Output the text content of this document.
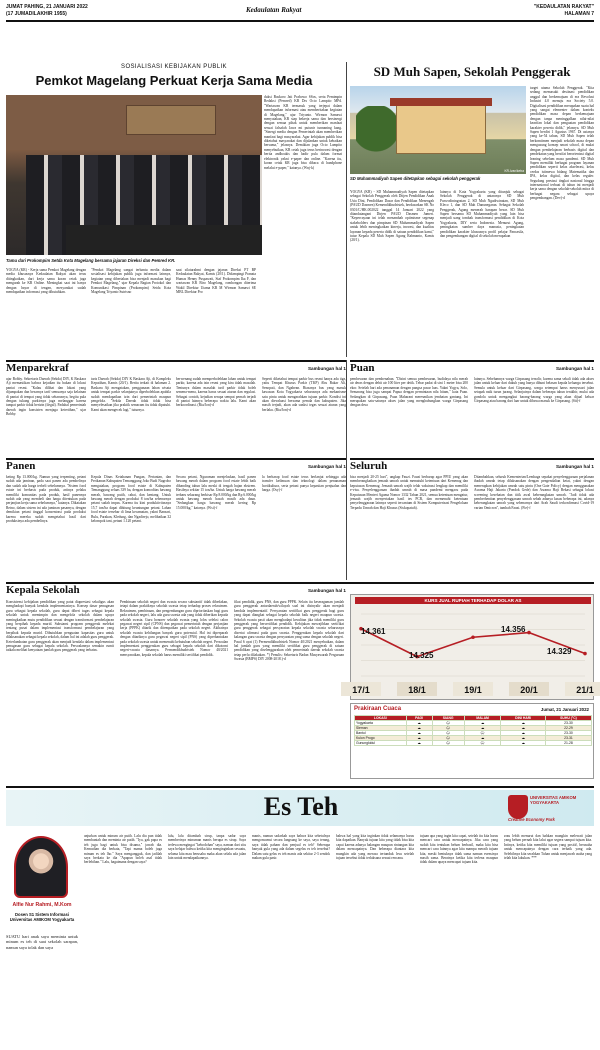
JUMAT PAHING, 21 JANUARI 2022
(17 JUMADILAKHIR 1955)	Kedaulatan Rakyat	"KEDAULATAN RAKYAT"
HALAMAN 7
SOSIALISASI KEBIJAKAN PUBLIK
Pemkot Magelang Perkuat Kerja Sama Media
Tamu dari Prokompim Setda Kota Magelang bersama jajaran Direksi dan Pemred KR.
YOGYA (KR) - Kerja sama Pemkot Magelang dengan media khususnya Kedaulatan Rakyat akan terus ditingkatkan, dari kerja sama koran cetak juga mengarah ke KR Online. Meningkat saat ini hanya dengan hayar di tengan, mesyarakat sudah mendapatkan informasi yang dibutuhkan.
"Pemkot Magelang sangat terbantu media dalam sosialisasi kebijakan publik juga informasi lainnya, kegiatan yang dibertakan bisa menjadi masukan bagi Pemkot Magelang," ujar Kepala Bagian Protokol dan Komunikasi Pimpinan (Prokompim) Setda Kota Magelang Triyanto Sutrisno
saat silaturahmi dengan jajaran Direksi PT BP Kedaulatan Rakyat, Kamis (20/1). Didampingi Pranata Humas Henny Puspawati, Staf Prokompim Ika F, dan wartawan KR Biro Magelang, rombongan diterima Wakil Direktur Utama KR M Wirmon Samawi SE MBL Direktur Pro
duksi Baskoro Jati Prabowo SSos, serta Pemimpin Redaksi (Pemred) KR Drs Octo Lampito MPd. "Wartawan KR termasuk yang terjepat dalam mendapatkan informasi atau memberitakan kegiatan di Magelang," ujar Triyanto. Wirmon Samawi menyatakan, KR siap bekerja sama dan bersinergi dengan semua pihak untuk memberikan manfaat sesuai falsafah Jawa mi putunir tunnaning kang. "Sinergi media dengan Pemerintah akan memberikan manfaat bagi masyarakat. Agar kebijakan publik bisa diketahui masyarakat dan dijalankan untuk kebaikan bersama," jelasnya. Demikian juga Octo Lampito menyebutkan, KR cetak juga terus berinovasi dengan berita andhoakis dan hadir pula dalam format elektronik yakni e-paper dan online. "Karena itu, koran cetak KR juga bisa dibaca di handphone melalui e-paper," katanya. (Wnj-k)
SD Muh Sapen, Sekolah Penggerak
KR-Ivan/ketra
SD Muhammadiyah Sapen ditetapkan sebagai sekolah penggerak
YOGYA (KR) - SD Muhammadiyah Sapen ditetapkan sebagai Sekolah Penggerak oleh Ditjen Pendidikan Anak Usia Dini, Pendidikan Dasar dan Pendidikan Menengah (PAUD Dasmen) Kemendikbudristek, berdasarkan SK No 0301/C/HK.002022 tanggal 14 Januari 2022 yang ditandatangani Dirjen PAUD Dasmen Jumeri. "Kepercayaan ini telah menambah optimisme segenap stakeholders dan pimpinan SD Muhammadiyah Sapen untuk lebih meningkatkan kinerja, inovasi, dan kualitas layanan kepada peserta didik di satuan pendidikan kami," tutur Kepala SD Muh Sapen Agung Rahmanto, Kamis (20/1).
lainnya di Kota Yogyakarta yang ditunjuk sebagai Sekolah Penggerak di antaranya SD Muh Purwodiningratan 2, SD Muh Ngadiwinatan, SD Muh Kleco 1, dan SD Muh Danunegaran. Sebagai Sekolah Penggerak, Agung menerah harapan besar. SD Muh Sapen bersama SD Muhammadiyah yang lain bisa menjadi uang tombak transformasi pendidikan di Kota Yogyakarta, DIY serta Indonesia. Menurut Agung, peningkatan sumber daya manusia, peningkatan pendidikan karakter khususnya profil pelajar Pancasila, dan pengembangan digital di sekolah merupakan
target utama Sekolah Penggerak. "Kita sedang memasuki destinasi pendidikan unggul dan berkemajuan di era Revolusi Industri 4.0 menuju era Society 5.0. Digitalisasi pendidikan merupakan suatu hal yang sangat elementer dalam konteks pendidikan masa depan berkemajuan dengan tanpa meninggalkan nilai-nilai kearifan lokal dan penguatan pendidikan karakter peserta didik," jelasnya. SD Muh Sapen berdiri 1 Agustus 1967. Di usianya yang ke-54 tahun, SD Muh Sapen telah berkomitmen menjadi sekolah masa depan mengusung konsep smart school, di mulai dengan pembelajaran berbasis digital dan pendekatan yang bersifat berorientasi digital leaning sebelum masa pandemi. SD Muh Sapen memiliki berbagai program layanan pendidikan seperti kelas akselerasi, kelas cerdas istimewa bidang Matematika dan IPA, kelas digital, dan kelas reguler. Segudang prestasi tingkat nasional hingga internasional terbuai di tahun ini menjadi kerja sama dengan sekolah-sekolah mitra di berbagai negara sebagai upaya pengembangan. (Dev)-d
Menparekraf	Sambungan hal 1
ujar Bobby. Sekretaris Daerah (Sekda) DIY, K Baskara Aji memastikan bahwa kejadian itu bukan di lokasi pantai resmi. "Kalau dilihat dan lokasi yang dijumpakan dan besarnya tarif semuanya saja kelainan di pantai di tempat yang tidak seharusnya, begitu pula dengan tukang parkirnya juga melanggar karena tampat parkir tidak berizin (ilegal). Padahal pemerintah daerah ingin konsisten menjaga ketertiban," ujar Bobby.
taris Daerah (Sekda) DIY K Baskara Aji, di Kompleks Kepatihan, Kamis (20/1). Berita terkait di halaman 2. Baskara Aji mengatakan, penggunaan lahan wisata untuk tempat parkir selanjutnya diperbolehkan apabila sudah mendapatkan izin dari pemerintah maupun pengelola. "Sekda Daerah tidak tidak bisa menyelesaikan jika praktik semacam itu tidak dipatuhi. Kami akan mengecek lagi," tuturnya.
berwenang sudah memperbolehkan lahan untuk tempat parkir, karena ada izin resmi yang kira tidak masalah. Tentunya dalam masalah tarif parkir tidak boleh semena-mena, karena harus sesuai aturan dan regulasi. Sebagai contoh, kejadian serupa sempat pernah terjadi di pantai lainnya beberapa waktu lalu. Kami akan berkoordinasi. (Ria/Jon)-d
Seperti diketahui tempat parkir bus resmi hanya ada tiga, yaitu Tempat Khusus Parkir (TKP) Abu Bakar Ali, Senopati, dan Ngabean. Biasanya bus yang masuk kawasan Kota Yogyakarta seharusnya ada mekanisme satu pintu untuk mengarahkan tujuan parkir. Kondisi ini akan dievaluasi bersama pemda dan kabupaten. Jika masih terjadi, akan ada sanksi tegas sesuai aturan yang berlaku. (Ria/Jon)-d
Panen	Sambungan hal 1
keting Rp 13.000/kg. Namun yang terpenting, petani sudah ada jaminan, pada saat panen ada pembelinya dan sudah ada harga terbeli sebelumnya. "Sistem food estate ini berbasis pada produk, artinya pelaku memiliki komunitas pada produk, hasil panennya sudah ada yang membeli dan harga ditentukan pada perjanjian kerja sama sebelumnya," katanya. Dikatakan Retno, dalam sistem ini ada jaminan pasarnya, dengan demikian petani tinggal konsentrasi pada produksi karena mereka sudah mengetahui hasil dari produksinya ada pembelinya.
Kepala Dinas Ketahanan Pangan, Pertanian, dan Perikanan Kabupaten Temanggung Joko Budi Nugroho mengatakan, program food estate di Kabupaten Temanggung seluas 339 ha, dengan komoditas bawang merah, bawang putih, cabai, dan kentang. Untuk bawang merah dengan produksi 8 ton/ha sebenarnya petani sudah impas. Karena itu kini produktivitasnya 15,7 ton/ha dapat dihitung keuntungan petani. Lahan food estate tersebar di lima kecamatan, yakni Bansari, Bulu, Parakan, Kledung, dan Ngadirejo, melibatkan 32 kelompok tani, petani 1.120 petani.
Secara petani, Nguraman menjelaskan, hasil panen bawang merah dalam program food estate lebih baik dibanding tahun lalu meski di tengah hujan ekstrem. Hasilnya sekitar 15 ton/ha. Untuk harga bawang merah terbaru sekarang berkisar Rp 8.000/kg dan Rp 6.000/kg untuk bawang merah basah masih ada daun. "Sedangkan harga bawang merah kering Rp 15.000/kg," katanya. (Wsi)-f
la berharap food estate terus berlanjut sehingga ada transfer keilmuan dan teknologi dalam penanaman hortikultura, serta petani punya kepastian penjualan dan harga. (Osy)-f
Puan	Sambungan hal 1
pembesaran dan pembenahan. "Disini semua pembesaran, budidaya nila merah air deras dengan debit air 100 liter per detik. Tebar padat di sini 1 meter bisa 200 ekor. Setelah hari ada penanaman dengan pangsa pasar luas. Yakni Yogya, Solo, Semarang bisa juga sampai Papua dengan permintaan nila hitam," kata Puan. Sedangkan di Girpasang, Puan Maharani meresmikan jembatan gantung. Ini merupakan satu-satunya akses jalan yang menghubungkan warga Girpasang dengan desa
lainnya. Sebelumnya warga Girpasang tersolir, karena sama sekali tidak ada akses jalan untuk keluar dari dukuh yang hanya dihuni belasan kepala keluarga tersebut. Semula untuk keluar dari Girpasang, warga setempat harus menyusuri jalan setapak naik turun jurang. Selanjutnya dalam beberapa tahun terakhir, mulai ada gondola untuk mengangkut barang-barang warga yang akan dijual keluar Girpasang atau barang dari luar untuk dibawa masuk ke Girpasang. (Sit)-f
Seluruh	Sambungan hal 1
bisa menjadi 20-25 hari", ungkap Fauzi. Fauzi berharap agar PPIU yang akan memberangkatkan jemaah umrah untuk mematuhi ketentuan dari Kemenag dan keputusan Kemenag. Jemaah umrah wajib telah vaksinasi lengkap dan memiliki e-visa. Penyelenggaraan ibadah umrah di masa pandemi mengacu pada Keputusan Menteri Agama Nomor 1332 Tahun 2021, semua ketentuan mengatur, jemaah wajib menyertakan hasil tes PCR, dan memenuhi ketentuan penyelenggaraan lainnya seperti tercantum di Sistem Komputerisasi Pengelolaan Terpadu Umrah dan Haji Khusus (Siskopatuh).
Ditambahkan, seluruh Kementerian/Lembaga sepakat penyelenggaraan perjalanan ibadah umrah tetap dilaksanakan dengan pengendalian ketat, yakni dengan menerapkan kebijakan umrah satu pintu (One Gate Policy) dengan menggunakan Asrama Haji Jakarta (Pondok Gede) dan Asrama Haji Bekasi sebagai lokasi screening kesehatan dan titik awal keberangkatan umrah. "Jadi tidak ada pemberhentian penyelenggaraan umrah sebab adanya kasus beberapa ini, adanya keberangkatan umrah yang sebenarnya dari Arab Saudi terkonfirmasi Covid-19 varian Omicron", tambah Fauzi. (Fie)-f
Kepala Sekolah	Sambungan hal 1
Konsistensi kebijakan pendidikan yang patut diapresiasi sekaligus akan menghadapi banyak kendala implementasinya. Konsep dasar penugasan guru sebagai kepala sekolah, guru dapat diberi tugas sebagai kepala sekolah untuk memimpin dan mengelola sekolah dalam upaya meningkatkan mutu pendidikan sesuai dengan transformasi pembelajaran yang berpihak kepada murid. Substansi program penggerak melekat tentang pusat dalam implementasi transformasi pembelajaran yang berpihak kepada murid. Dibutuhkan penguatan kapasitas guru untuk dilaksanakan sebagai kepala sekolah, dalam hal ini adalah guru penggerak. Keterlambatan guru penggerak akan menjadi kendala dalam implementasi penugasan guru sebagai kepala sekolah. Persoalannya semakin rumit tatkala melihat kenyataan jumlah guru penggerak yang terbatas.
Pembinaan sekolah negeri dan swasta secara substantif tidak dibedakan, tetapi dalam praktiknya sekolah swasta tetap terhadap proses rekrutmen. Rekrutmen, pembinaan, dan pengembangan guru diprioritaskan bagi guru pada sekolah negeri, lalu ada guru swasta ada yang tidak diberikan kepada sekolah swasta. Guru honorer sekolah swasta yang lolos seleksi calon pegawai negeri sipil (CPNS) dan pegawai pemerintah dengan perjanjian kerja (PPPK) ditarik dan ditempatkan pada sekolah negeri. Akibatnya sekolah swasta kehilangan banyak guru potensial. Hal ini diperparah dengan ditariknya guru pegawai negeri sipil (PNS) yang diperbantukan pada sekolah swasta untuk memenuhi kebutuhan sekolah negeri. Persoalan implementasi penggerakan guru sebagai kepala sekolah dari dikotomi negeri-swasta dasarnya. Permendikbudristek Nomor 40/2021 mensyaratkan, kepala sekolah harus memiliki sertifikat pendidik.
fikat pendidik, guru PNS, dan guru PPPK. Selain itu keseragaman jumlah guru penggerak antardaerah/wilayah soal ini disinyalir akan menjadi kendala implementatif. Persyaratan sertifikat guru penggerak bagi guru yang dapat diangkat sebagai kepala sekolah baik negeri maupun swasta. Sekolah swasta pasti akan menghadapi kesulitan jika tidak memiliki guru penggerak yang bersertifikat pendidik. Kebijakan mewajibkan sertifikat guru penggerak sebagai persyaratan kepala sekolah swasta seharusnya disertai afirmasi pada guru swasta. Penggerakan kepala sekolah dari kalangan guru swasta dengan persyaratan yang sama dengan sekolah negeri. Pasal 6 ayat (1) Permendikbudristek Nomor 40/2021 menyebutkan, dalam hal jumlah guru yang memiliki sertifikat guru penggerak di satuan pendidikan yang diselenggarakan oleh pemerintah daerah sekolah swasta tetap perlu dilakukan. *) Penulis: Sekretaris Badan Musyawarah Perguruan Swasta (BMPS) DIY 2008-2018.)-d
KURS JUAL RUPIAH TERHADAP DOLAR AS
17/1	18/1	19/1	20/1	21/1
14.361
14.325
14.356
14.329
Prakiraan Cuaca	Jumat, 21 Januari 2022
LOKASI	PAGI	SIANG	MALAM	DINI HARI	SUHU (°C)
Yogyakarta	☁	🌧	☁	☁	23-30
Sleman	☁	🌧	☁	☁	22-29
Bantul	☁	🌧	🌧	☁	23-30
Kulon Progo	☁	🌧	☁	☁	23-31
Gunungkidul	☁	🌧	🌧	☁	21-28
Es Teh	UNIVERSITAS AMIKOM YOGYAKARTA
Creative Economy Park
Alfie Nur Rahmi, M.Kom
Dosen S1 Sistem Informasi Universitas AMIKOM Yogyakarta
SUATU hari anak saya meminta untuk minum es teh di saat sekolah sarapan, namun saya tolak dan saya
anjurkan untuk minum air putih. Lalu dia pun tidak membantah dan meminta air putih. "Iya, gak papa es teh juga bagi untuk bisa disama," jawab dia. Kemudian dia berkata, "Tapi mama boleh juga minum es teh lho." Saya mengangguk, dan jadilah saya berkata ke dia "Apapun boleh asal tidak berlebihan." Lalu, bagaimana dengan saya?
lalu, lalu ditambah sirup, tanpa sadar saya memberinya minuman manis berupa es sirup. Saya terlewa mengingat "kebodohan" saya, namun dari situ saya belajar bahwa ketika kita menginginkan sesuatu, selama kita mau berusaha maka akan selalu ada jalan lain untuk mendapatkannya.
manis, namun sadarkah saya bahwa kita sebetulnya mengonsumsi secara langsung ke saya, saya terang, saya tidak paham dan penjual es teh? Seberapa banyak gula yang ada dalam segelas es teh tersebut? Dalam satu gelas es teh manis ada sekitar 2-3 sendok makan gula pasir.
bahwa hal yang kita inginkan tidak selamanya harus kita dapatkan. Banyak tujuan kita yang tidak bisa kita capai karena adanya halangan maupun rintangan kita dalam mencapainya. Dan beberapa diantara kita mungkin ada yang merasa tertunduk lesu setelah tujuan tersebut tidak terlaksana sesuai rencana.
tujuan apa yang ingin kita capai, setelah itu kita harus mencari cara untuk mencapainya. Jika cara yang sudah kita tentukan belum berhasil, maka kita bisa mencari cara lainnya agar kita mampu meraih tujuan kita, meski bentuknya tidak sama namun esensinya masih sama. Beratnya ketika kita terlena maupun tidak dalam upaya mencapai tujuan kita.
zrau lebih menurut dan bahkan mungkin melewati jalan yang belum pernah kita lalui agar segera sampai tujuan kita. Intinya, ketika kita memiliki tujuan yang positif, berusaha untuk mencapainya dengan cara terbaik yang ada. Selebihnya kita serahkan Tuhan untuk menjawab usaha yang telah kita lakukan. ***
